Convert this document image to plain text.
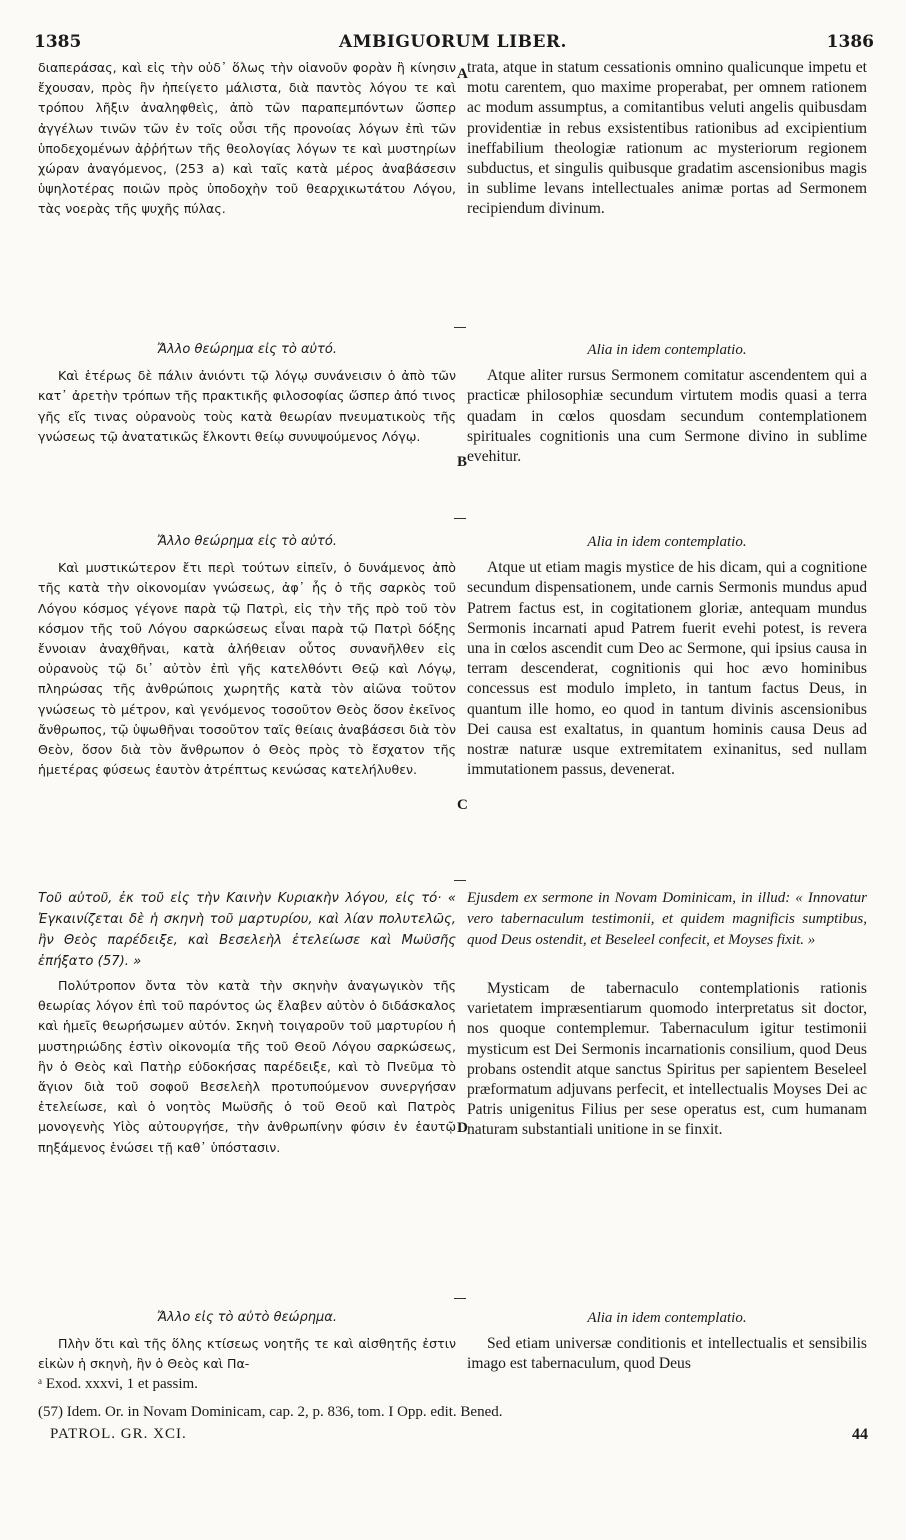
1385	AMBIGUORUM LIBER.	1386

διαπεράσας, καὶ εἰς τὴν οὐδ᾽ ὅλως τὴν οἱανοῦν φορὰν ἢ κίνησιν ἔχουσαν, πρὸς ἣν ἠπείγετο μάλιστα, διὰ παντὸς λόγου τε καὶ τρόπου λῆξιν ἀναληφθεὶς, ἀπὸ τῶν παραπεμπόντων ὥσπερ ἀγγέλων τινῶν τῶν ἐν τοῖς οὖσι τῆς προνοίας λόγων ἐπὶ τῶν ὑποδεχομένων ἀῤῥήτων τῆς θεολογίας λόγων τε καὶ μυστηρίων χώραν ἀναγόμενος, (253 a) καὶ ταῖς κατὰ μέρος ἀναβάσεσιν ὑψηλοτέρας ποιῶν πρὸς ὑποδοχὴν τοῦ θεαρχικωτάτου Λόγου, τὰς νοερὰς τῆς ψυχῆς πύλας.

trata, atque in statum cessationis omnino qualicunque impetu et motu carentem, quo maxime properabat, per omnem rationem ac modum assumptus, a comitantibus veluti angelis quibusdam providentiæ in rebus exsistentibus rationibus ad excipientium ineffabilium theologiæ rationum ac mysteriorum regionem subductus, et singulis quibusque gradatim ascensionibus magis in sublime levans intellectuales animæ portas ad Sermonem recipiendum divinum.

A

Ἄλλο θεώρημα εἰς τὸ αὐτό.

Καὶ ἑτέρως δὲ πάλιν ἀνιόντι τῷ λόγῳ συνάνεισιν ὁ ἀπὸ τῶν κατ᾽ ἀρετὴν τρόπων τῆς πρακτικῆς φιλοσοφίας ὥσπερ ἀπό τινος γῆς εἴς τινας οὐρανοὺς τοὺς κατὰ θεωρίαν πνευματικοὺς τῆς γνώσεως τῷ ἀνατατικῶς ἕλκοντι θείῳ συνυψούμενος Λόγῳ.

Alia in idem contemplatio.

Atque aliter rursus Sermonem comitatur ascendentem qui a practicæ philosophiæ secundum virtutem modis quasi a terra quadam in cœlos quosdam secundum contemplationem spirituales cognitionis una cum Sermone divino in sublime evehitur.

B

Ἄλλο θεώρημα εἰς τὸ αὐτό.

Καὶ μυστικώτερον ἔτι περὶ τούτων εἰπεῖν, ὁ δυνάμενος ἀπὸ τῆς κατὰ τὴν οἰκονομίαν γνώσεως, ἀφ᾽ ἧς ὁ τῆς σαρκὸς τοῦ Λόγου κόσμος γέγονε παρὰ τῷ Πατρὶ, εἰς τὴν τῆς πρὸ τοῦ τὸν κόσμον τῆς τοῦ Λόγου σαρκώσεως εἶναι παρὰ τῷ Πατρὶ δόξης ἔννοιαν ἀναχθῆναι, κατὰ ἀλήθειαν οὗτος συνανῆλθεν εἰς οὐρανοὺς τῷ δι᾽ αὐτὸν ἐπὶ γῆς κατελθόντι Θεῷ καὶ Λόγῳ, πληρώσας τῆς ἀνθρώποις χωρητῆς κατὰ τὸν αἰῶνα τοῦτον γνώσεως τὸ μέτρον, καὶ γενόμενος τοσοῦτον Θεὸς ὅσον ἐκεῖνος ἄνθρωπος, τῷ ὑψωθῆναι τοσοῦτον ταῖς θείαις ἀναβάσεσι διὰ τὸν Θεὸν, ὅσον διὰ τὸν ἄνθρωπον ὁ Θεὸς πρὸς τὸ ἔσχατον τῆς ἡμετέρας φύσεως ἑαυτὸν ἀτρέπτως κενώσας κατελήλυθεν.

Alia in idem contemplatio.

Atque ut etiam magis mystice de his dicam, qui a cognitione secundum dispensationem, unde carnis Sermonis mundus apud Patrem factus est, in cogitationem gloriæ, antequam mundus Sermonis incarnati apud Patrem fuerit evehi potest, is revera una in cœlos ascendit cum Deo ac Sermone, qui ipsius causa in terram descenderat, cognitionis qui hoc ævo hominibus concessus est modulo impleto, in tantum factus Deus, in quantum ille homo, eo quod in tantum divinis ascensionibus Dei causa est exaltatus, in quantum hominis causa Deus ad nostræ naturæ usque extremitatem exinanitus, sed nullam immutationem passus, devenerat.

C

Τοῦ αὐτοῦ, ἐκ τοῦ εἰς τὴν Καινὴν Κυριακὴν λόγου, εἰς τό· « Ἐγκαινίζεται δὲ ἡ σκηνὴ τοῦ μαρτυρίου, καὶ λίαν πολυτελῶς, ἣν Θεὸς παρέδειξε, καὶ Βεσελεὴλ ἐτελείωσε καὶ Μωϋσῆς ἐπήξατο (57). »

Πολύτροπον ὄντα τὸν κατὰ τὴν σκηνὴν ἀναγωγικὸν τῆς θεωρίας λόγον ἐπὶ τοῦ παρόντος ὡς ἔλαβεν αὐτὸν ὁ διδάσκαλος καὶ ἡμεῖς θεωρήσωμεν αὐτόν. Σκηνὴ τοιγαροῦν τοῦ μαρτυρίου ἡ μυστηριώδης ἐστὶν οἰκονομία τῆς τοῦ Θεοῦ Λόγου σαρκώσεως, ἣν ὁ Θεὸς καὶ Πατὴρ εὐδοκήσας παρέδειξε, καὶ τὸ Πνεῦμα τὸ ἅγιον διὰ τοῦ σοφοῦ Βεσελεὴλ προτυπούμενον συνεργήσαν ἐτελείωσε, καὶ ὁ νοητὸς Μωϋσῆς ὁ τοῦ Θεοῦ καὶ Πατρὸς μονογενὴς Υἱὸς αὐτουργήσε, τὴν ἀνθρωπίνην φύσιν ἐν ἑαυτῷ πηξάμενος ἑνώσει τῇ καθ᾽ ὑπόστασιν.

Ejusdem ex sermone in Novam Dominicam, in illud: « Innovatur vero tabernaculum testimonii, et quidem magnificis sumptibus, quod Deus ostendit, et Beseleel confecit, et Moyses fixit. »

Mysticam de tabernaculo contemplationis rationis varietatem impræsentiarum quomodo interpretatus sit doctor, nos quoque contemplemur. Tabernaculum igitur testimonii mysticum est Dei Sermonis incarnationis consilium, quod Deus probans ostendit atque sanctus Spiritus per sapientem Beseleel præformatum adjuvans perfecit, et intellectualis Moyses Dei ac Patris unigenitus Filius per sese operatus est, cum humanam naturam substantiali unitione in se finxit.

D

Ἄλλο εἰς τὸ αὐτὸ θεώρημα.

Πλὴν ὅτι καὶ τῆς ὅλης κτίσεως νοητῆς τε καὶ αἰσθητῆς ἐστιν εἰκὼν ἡ σκηνὴ, ἣν ὁ Θεὸς καὶ Πα-

Alia in idem contemplatio.

Sed etiam universæ conditionis et intellectualis et sensibilis imago est tabernaculum, quod Deus

ᵃ Exod. xxxvi, 1 et passim.

(57) Idem. Or. in Novam Dominicam, cap. 2, p. 836, tom. I Opp. edit. Bened.

PATROL. GR. XCI.	44
